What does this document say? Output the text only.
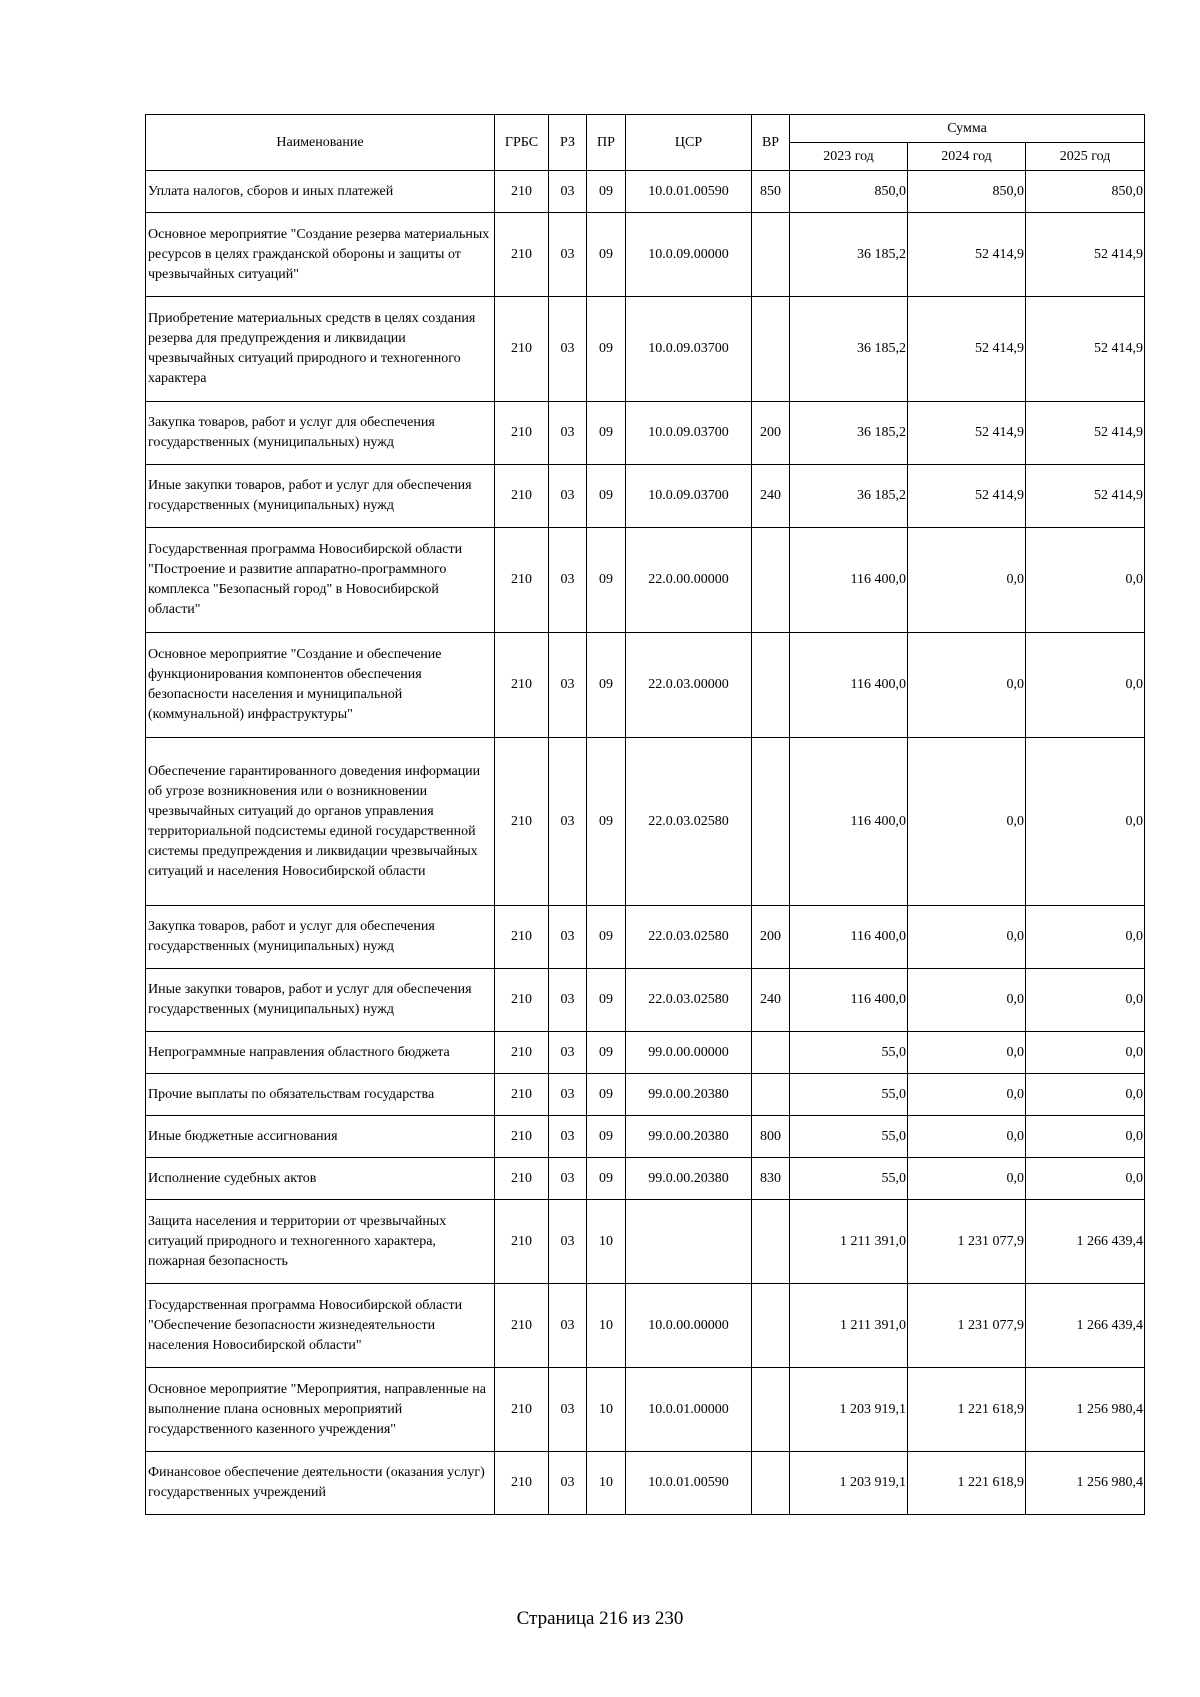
Наименование	ГРБС	РЗ	ПР	ЦСР	ВР	Сумма		
						2023 год	2024 год	2025 год
Уплата налогов, сборов и иных платежей	210	03	09	10.0.01.00590	850	850,0	850,0	850,0
Основное мероприятие "Создание резерва материальных ресурсов в целях гражданской обороны и защиты от чрезвычайных ситуаций"	210	03	09	10.0.09.00000		36 185,2	52 414,9	52 414,9
Приобретение материальных средств в целях создания резерва для предупреждения и ликвидации чрезвычайных ситуаций природного и техногенного характера	210	03	09	10.0.09.03700		36 185,2	52 414,9	52 414,9
Закупка товаров, работ и услуг для обеспечения государственных (муниципальных) нужд	210	03	09	10.0.09.03700	200	36 185,2	52 414,9	52 414,9
Иные закупки товаров, работ и услуг для обеспечения государственных (муниципальных) нужд	210	03	09	10.0.09.03700	240	36 185,2	52 414,9	52 414,9
Государственная программа Новосибирской области "Построение и развитие аппаратно-программного комплекса "Безопасный город" в Новосибирской области"	210	03	09	22.0.00.00000		116 400,0	0,0	0,0
Основное мероприятие "Создание и обеспечение функционирования компонентов обеспечения безопасности населения и муниципальной (коммунальной) инфраструктуры"	210	03	09	22.0.03.00000		116 400,0	0,0	0,0
Обеспечение гарантированного доведения информации об угрозе возникновения или о возникновении чрезвычайных ситуаций до органов управления территориальной подсистемы единой государственной системы предупреждения и ликвидации чрезвычайных ситуаций и населения Новосибирской области	210	03	09	22.0.03.02580		116 400,0	0,0	0,0
Закупка товаров, работ и услуг для обеспечения государственных (муниципальных) нужд	210	03	09	22.0.03.02580	200	116 400,0	0,0	0,0
Иные закупки товаров, работ и услуг для обеспечения государственных (муниципальных) нужд	210	03	09	22.0.03.02580	240	116 400,0	0,0	0,0
Непрограммные направления областного бюджета	210	03	09	99.0.00.00000		55,0	0,0	0,0
Прочие выплаты по обязательствам государства	210	03	09	99.0.00.20380		55,0	0,0	0,0
Иные бюджетные ассигнования	210	03	09	99.0.00.20380	800	55,0	0,0	0,0
Исполнение судебных актов	210	03	09	99.0.00.20380	830	55,0	0,0	0,0
Защита населения и территории от чрезвычайных ситуаций природного и техногенного характера, пожарная безопасность	210	03	10			1 211 391,0	1 231 077,9	1 266 439,4
Государственная программа Новосибирской области "Обеспечение безопасности жизнедеятельности населения Новосибирской области"	210	03	10	10.0.00.00000		1 211 391,0	1 231 077,9	1 266 439,4
Основное мероприятие "Мероприятия, направленные на выполнение плана основных мероприятий государственного казенного учреждения"	210	03	10	10.0.01.00000		1 203 919,1	1 221 618,9	1 256 980,4
Финансовое обеспечение деятельности (оказания услуг) государственных учреждений	210	03	10	10.0.01.00590		1 203 919,1	1 221 618,9	1 256 980,4
Страница 216 из 230
